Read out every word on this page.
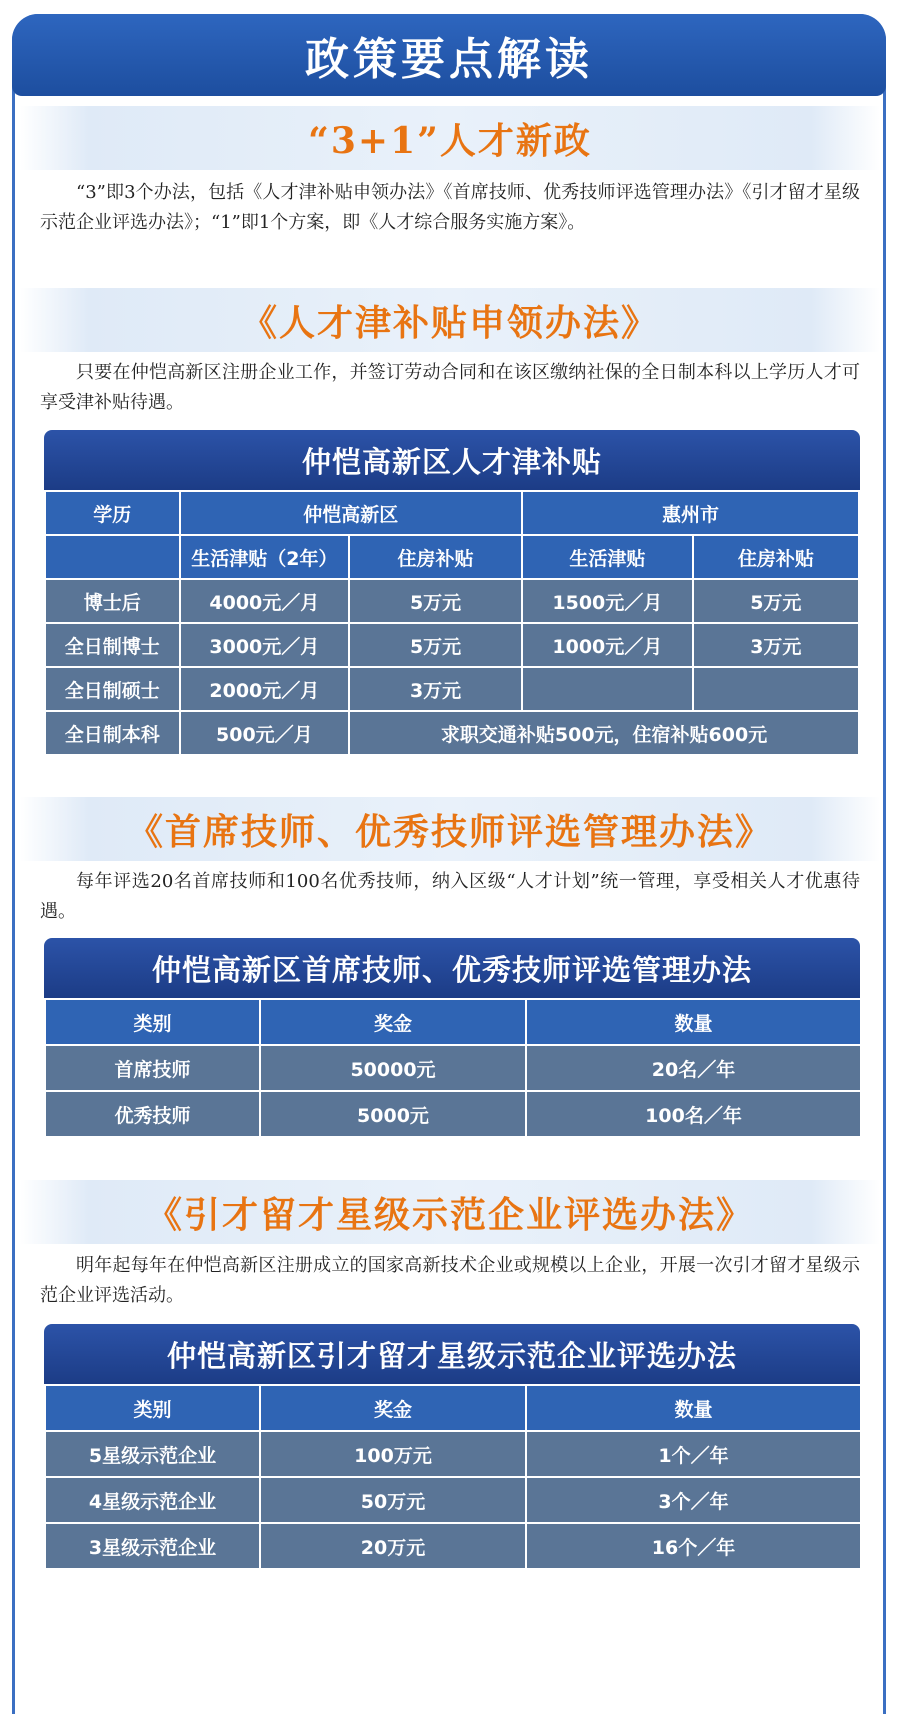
政策要点解读
“3+1”人才新政

“3”即3个办法，包括《人才津补贴申领办法》《首席技师、优秀技师评选管理办法》《引才留才星级示范企业评选办法》；“1”即1个方案，即《人才综合服务实施方案》。

《人才津补贴申领办法》

只要在仲恺高新区注册企业工作，并签订劳动合同和在该区缴纳社保的全日制本科以上学历人才可享受津补贴待遇。

仲恺高新区人才津补贴
学历	仲恺高新区		惠州市	
	生活津贴（2年）	住房补贴	生活津贴	住房补贴
博士后	4000元／月	5万元	1500元／月	5万元
全日制博士	3000元／月	5万元	1000元／月	3万元
全日制硕士	2000元／月	3万元		
全日制本科	500元／月	求职交通补贴500元，住宿补贴600元		
《首席技师、优秀技师评选管理办法》

每年评选20名首席技师和100名优秀技师，纳入区级“人才计划”统一管理，享受相关人才优惠待遇。

仲恺高新区首席技师、优秀技师评选管理办法
类别	奖金	数量
首席技师	50000元	20名／年
优秀技师	5000元	100名／年
《引才留才星级示范企业评选办法》

明年起每年在仲恺高新区注册成立的国家高新技术企业或规模以上企业，开展一次引才留才星级示范企业评选活动。

仲恺高新区引才留才星级示范企业评选办法
类别	奖金	数量
5星级示范企业	100万元	1个／年
4星级示范企业	50万元	3个／年
3星级示范企业	20万元	16个／年
